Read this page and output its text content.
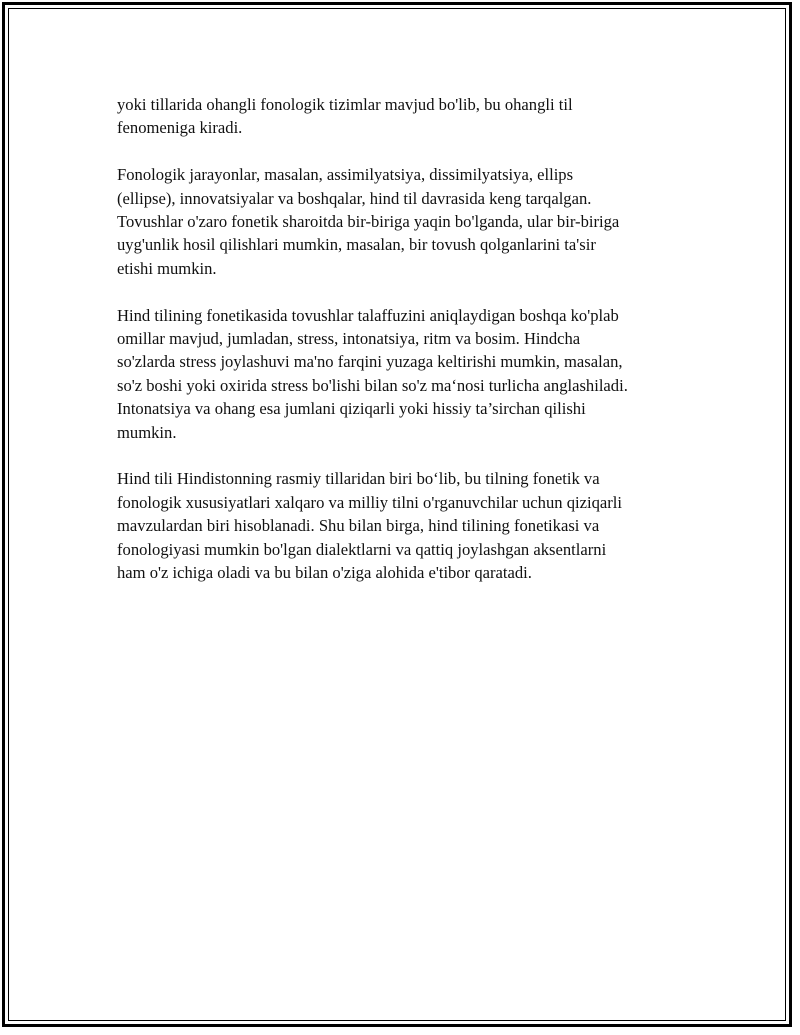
yoki tillarida ohangli fonologik tizimlar mavjud bo'lib, bu ohangli til
fenomeniga kiradi.

Fonologik jarayonlar, masalan, assimilyatsiya, dissimilyatsiya, ellips
(ellipse), innovatsiyalar va boshqalar, hind til davrasida keng tarqalgan.
Tovushlar o'zaro fonetik sharoitda bir-biriga yaqin bo'lganda, ular bir-biriga
uyg'unlik hosil qilishlari mumkin, masalan, bir tovush qolganlarini ta'sir
etishi mumkin.

Hind tilining fonetikasida tovushlar talaffuzini aniqlaydigan boshqa ko'plab
omillar mavjud, jumladan, stress, intonatsiya, ritm va bosim. Hindcha
so'zlarda stress joylashuvi ma'no farqini yuzaga keltirishi mumkin, masalan,
so'z boshi yoki oxirida stress bo'lishi bilan so'z ma‘nosi turlicha anglashiladi.
Intonatsiya va ohang esa jumlani qiziqarli yoki hissiy ta’sirchan qilishi
mumkin.

Hind tili Hindistonning rasmiy tillaridan biri bo‘lib, bu tilning fonetik va
fonologik xususiyatlari xalqaro va milliy tilni o'rganuvchilar uchun qiziqarli
mavzulardan biri hisoblanadi. Shu bilan birga, hind tilining fonetikasi va
fonologiyasi mumkin bo'lgan dialektlarni va qattiq joylashgan aksentlarni
ham o'z ichiga oladi va bu bilan o'ziga alohida e'tibor qaratadi.
